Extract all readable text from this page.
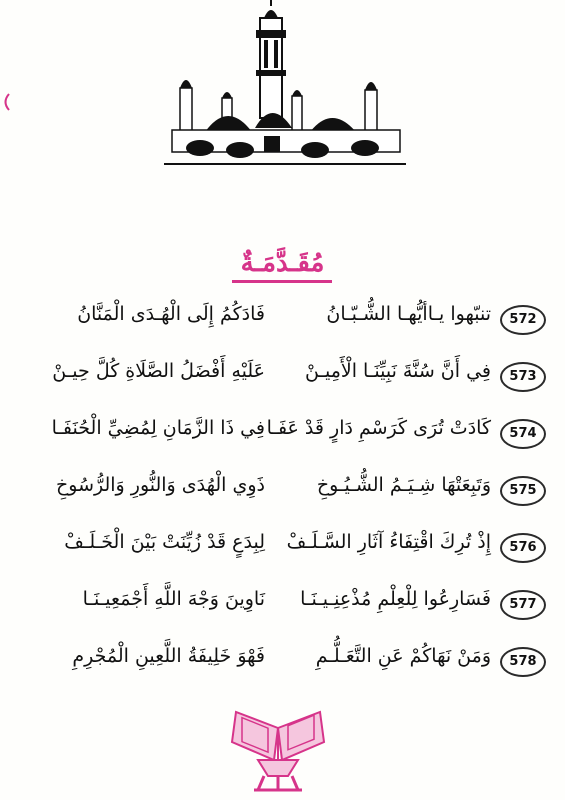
مُقَـدَّمَـةٌ
572
تنبّهوا يـاأيُّهـا الشُّـبّـانُ
فَادَكُمُ إِلَى الْهُـدَى الْمَنَّانُ
573
فِي أَنَّ سُنَّةَ نَبِيِّنَـا الْأَمِيـنْ
عَلَيْهِ أَفْضَلُ الصَّلَاةِ كُلَّ حِيـنْ
574
كَادَتْ تُرَى كَرَسْمِ دَارٍ قَدْ عَفَـا
فِي ذَا الزَّمَانِ لِمُضِيِّ الْحُنَفَـا
575
وَتَبِعَتْهَا شِـيَـمُ الشُّـيُـوخِ
ذَوِي الْهُدَى وَالنُّورِ وَالرُّسُوخِ
576
إِذْ تُرِكَ اقْتِفَاءُ آثَارِ السَّـلَـفْ
لِبِدَعٍ قَدْ زُيِّنَتْ بَيْنَ الْخَـلَـفْ
577
فَسَارِعُوا لِلْعِلْمِ مُذْعِنِـيـنَـا
نَاوِينَ وَجْهَ اللَّهِ أَجْمَعِيـنَـا
578
وَمَنْ نَهَاكُمْ عَنِ التَّعَـلُّـمِ
فَهْوَ خَلِيفَةُ اللَّعِينِ الْمُجْرِمِ
